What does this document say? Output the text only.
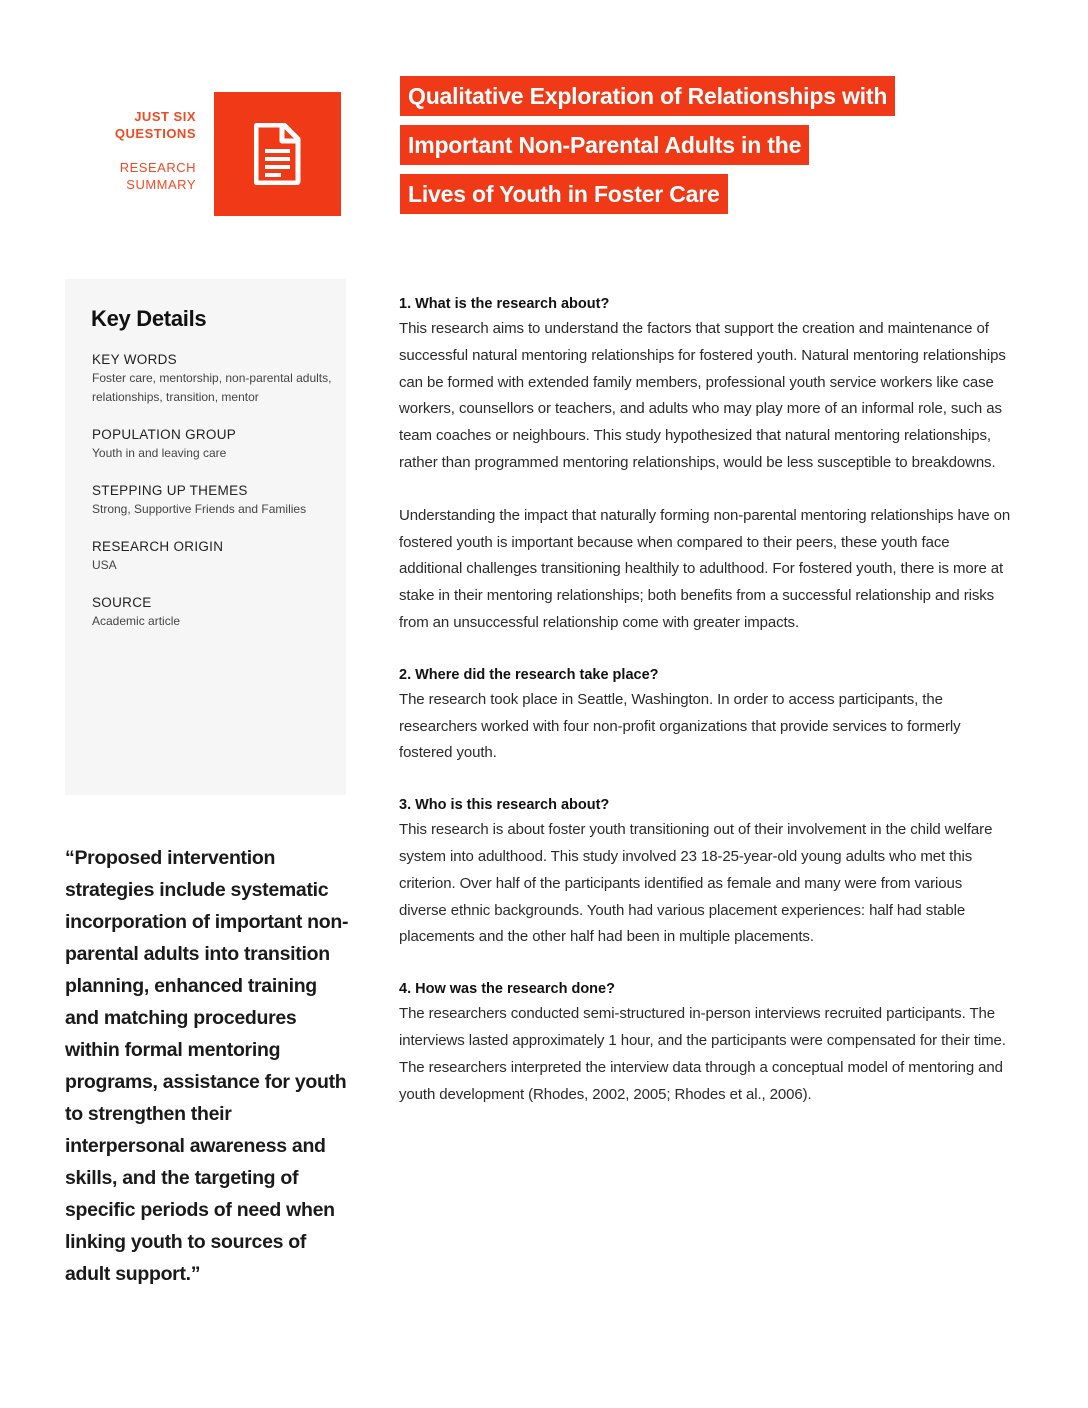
JUST SIX
QUESTIONS
RESEARCH
SUMMARY
Qualitative Exploration of Relationships with
Important Non-Parental Adults in the
Lives of Youth in Foster Care
Key Details
KEY WORDS
Foster care, mentorship, non-parental adults, relationships, transition, mentor
POPULATION GROUP
Youth in and leaving care
STEPPING UP THEMES
Strong, Supportive Friends and Families
RESEARCH ORIGIN
USA
SOURCE
Academic article
“Proposed intervention strategies include systematic incorporation of important non-parental adults into transition planning, enhanced training and matching procedures within formal mentoring programs, assistance for youth to strengthen their interpersonal awareness and skills, and the targeting of specific periods of need when linking youth to sources of adult support.”
1. What is the research about?

This research aims to understand the factors that support the creation and maintenance of successful natural mentoring relationships for fostered youth. Natural mentoring relationships can be formed with extended family members, professional youth service workers like case workers, counsellors or teachers, and adults who may play more of an informal role, such as team coaches or neighbours. This study hypothesized that natural mentoring relationships, rather than programmed mentoring relationships, would be less susceptible to breakdowns.

Understanding the impact that naturally forming non-parental mentoring relationships have on fostered youth is important because when compared to their peers, these youth face additional challenges transitioning healthily to adulthood. For fostered youth, there is more at stake in their mentoring relationships; both benefits from a successful relationship and risks from an unsuccessful relationship come with greater impacts.

2. Where did the research take place?

The research took place in Seattle, Washington. In order to access participants, the researchers worked with four non-profit organizations that provide services to formerly fostered youth.

3. Who is this research about?

This research is about foster youth transitioning out of their involvement in the child welfare system into adulthood. This study involved 23 18-25-year-old young adults who met this criterion. Over half of the participants identified as female and many were from various diverse ethnic backgrounds. Youth had various placement experiences: half had stable placements and the other half had been in multiple placements.

4. How was the research done?

The researchers conducted semi-structured in-person interviews recruited participants. The interviews lasted approximately 1 hour, and the participants were compensated for their time. The researchers interpreted the interview data through a conceptual model of mentoring and youth development (Rhodes, 2002, 2005; Rhodes et al., 2006).
